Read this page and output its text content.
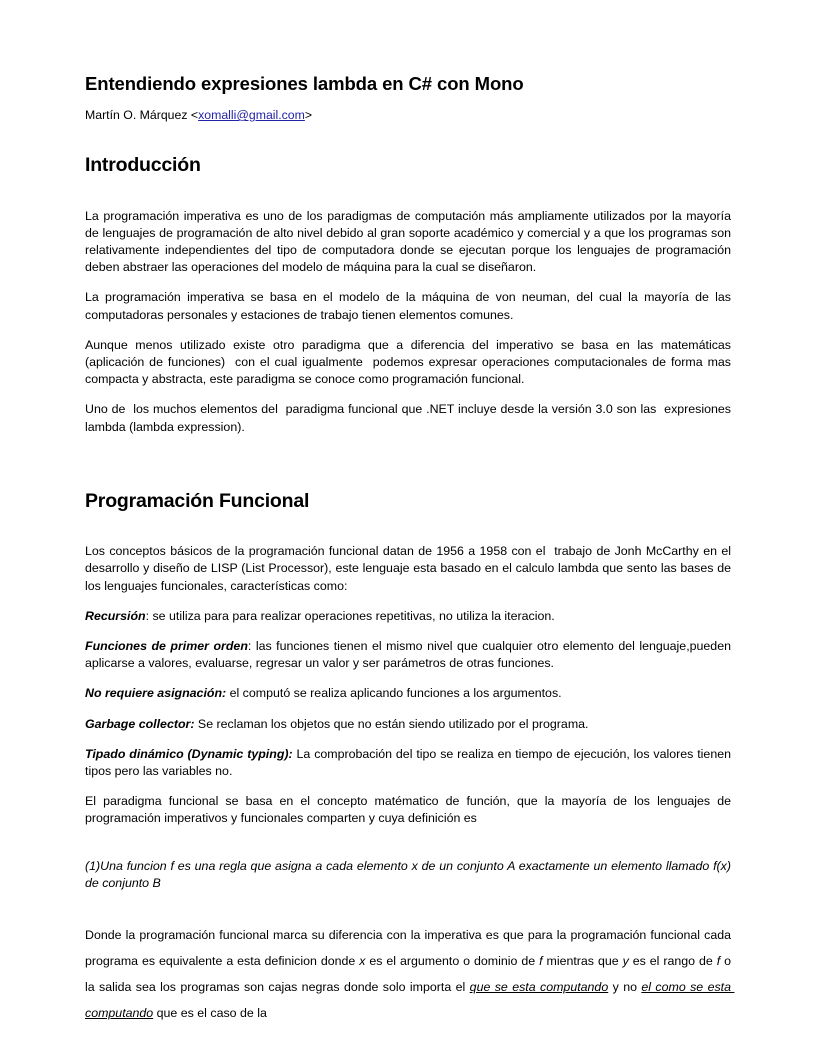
Entendiendo expresiones lambda en C# con Mono
Martín O. Márquez <xomalli@gmail.com>
Introducción

La programación imperativa es uno de los paradigmas de computación más ampliamente utilizados por la mayoría de lenguajes de programación de alto nivel debido al gran soporte académico y comercial y a que los programas son relativamente independientes del tipo de computadora donde se ejecutan porque los lenguajes de programación deben abstraer las operaciones del modelo de máquina para la cual se diseñaron.

La programación imperativa se basa en el modelo de la máquina de von neuman, del cual la mayoría de las computadoras personales y estaciones de trabajo tienen elementos comunes.

Aunque menos utilizado existe otro paradigma que a diferencia del imperativo se basa en las matemáticas (aplicación de funciones)  con el cual igualmente  podemos expresar operaciones computacionales de forma mas compacta y abstracta, este paradigma se conoce como programación funcional.

Uno de  los muchos elementos del  paradigma funcional que .NET incluye desde la versión 3.0 son las  expresiones lambda (lambda expression).

Programación Funcional

Los conceptos básicos de la programación funcional datan de 1956 a 1958 con el  trabajo de Jonh McCarthy en el desarrollo y diseño de LISP (List Processor), este lenguaje esta basado en el calculo lambda que sento las bases de los lenguajes funcionales, características como:

Recursión: se utiliza para para realizar operaciones repetitivas, no utiliza la iteracion.

Funciones de primer orden: las funciones tienen el mismo nivel que cualquier otro elemento del lenguaje,pueden aplicarse a valores, evaluarse, regresar un valor y ser parámetros de otras funciones.

No requiere asignación: el computó se realiza aplicando funciones a los argumentos.

Garbage collector: Se reclaman los objetos que no están siendo utilizado por el programa.

Tipado dinámico (Dynamic typing): La comprobación del tipo se realiza en tiempo de ejecución, los valores tienen tipos pero las variables no.

El paradigma funcional se basa en el concepto matématico de función, que la mayoría de los lenguajes de programación imperativos y funcionales comparten y cuya definición es

(1)Una funcion f es una regla que asigna a cada elemento x de un conjunto A exactamente un elemento llamado f(x) de conjunto B

Donde la programación funcional marca su diferencia con la imperativa es que para la programación funcional cada programa es equivalente a esta definicion donde x es el argumento o dominio de f mientras que y es el rango de f o la salida sea los programas son cajas negras donde solo importa el que se esta computando y no el como se esta computando que es el caso de la
